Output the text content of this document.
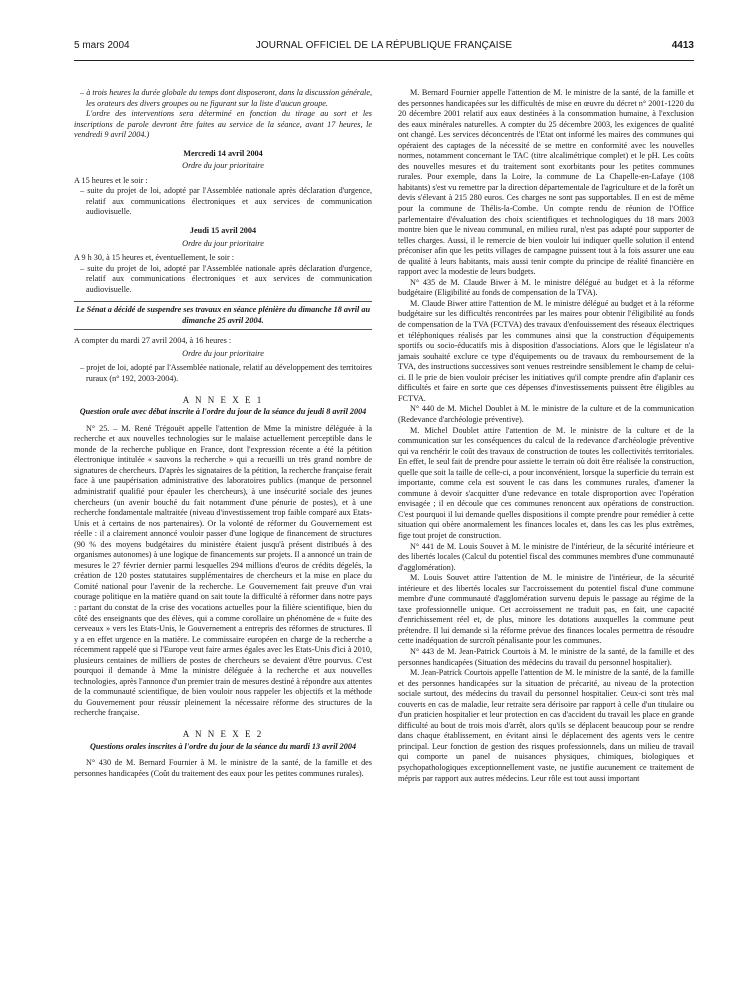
5 mars 2004	JOURNAL OFFICIEL DE LA RÉPUBLIQUE FRANÇAISE	4413

– à trois heures la durée globale du temps dont disposeront, dans la discussion générale, les orateurs des divers groupes ou ne figurant sur la liste d'aucun groupe.

L'ordre des interventions sera déterminé en fonction du tirage au sort et les inscriptions de parole devront être faites au service de la séance, avant 17 heures, le vendredi 9 avril 2004.)

Mercredi 14 avril 2004
Ordre du jour prioritaire

A 15 heures et le soir :

– suite du projet de loi, adopté par l'Assemblée nationale après déclaration d'urgence, relatif aux communications électroniques et aux services de communication audiovisuelle.

Jeudi 15 avril 2004
Ordre du jour prioritaire

A 9 h 30, à 15 heures et, éventuellement, le soir :

– suite du projet de loi, adopté par l'Assemblée nationale après déclaration d'urgence, relatif aux communications électroniques et aux services de communication audiovisuelle.

Le Sénat a décidé de suspendre ses travaux en séance plénière du dimanche 18 avril au dimanche 25 avril 2004.

A compter du mardi 27 avril 2004, à 16 heures :

Ordre du jour prioritaire

– projet de loi, adopté par l'Assemblée nationale, relatif au développement des territoires ruraux (n° 192, 2003-2004).

A N N E X E 1
Question orale avec débat inscrite à l'ordre du jour de la séance du jeudi 8 avril 2004

N° 25. – M. René Trégouët appelle l'attention de Mme la ministre déléguée à la recherche et aux nouvelles technologies sur le malaise actuellement perceptible dans le monde de la recherche publique en France, dont l'expression récente a été la pétition électronique intitulée « sauvons la recherche » qui a recueilli un très grand nombre de signatures de chercheurs. D'après les signataires de la pétition, la recherche française ferait face à une paupérisation administrative des laboratoires publics (manque de personnel administratif qualifié pour épauler les chercheurs), à une insécurité sociale des jeunes chercheurs (un avenir bouché du fait notamment d'une pénurie de postes), et à une recherche fondamentale maltraitée (niveau d'investissement trop faible comparé aux Etats-Unis et à certains de nos partenaires). Or la volonté de réformer du Gouvernement est réelle : il a clairement annoncé vouloir passer d'une logique de financement de structures (90 % des moyens budgétaires du ministère étaient jusqu'à présent distribués à des organismes autonomes) à une logique de financements sur projets. Il a annoncé un train de mesures le 27 février dernier parmi lesquelles 294 millions d'euros de crédits dégelés, la création de 120 postes statutaires supplémentaires de chercheurs et la mise en place du Comité national pour l'avenir de la recherche. Le Gouvernement fait preuve d'un vrai courage politique en la matière quand on sait toute la difficulté à réformer dans notre pays : partant du constat de la crise des vocations actuelles pour la filière scientifique, bien du côté des enseignants que des élèves, qui a comme corollaire un phénomène de « fuite des cerveaux » vers les Etats-Unis, le Gouvernement a entrepris des réformes de structures. Il y a en effet urgence en la matière. Le commissaire européen en charge de la recherche a récemment rappelé que si l'Europe veut faire armes égales avec les Etats-Unis d'ici à 2010, plusieurs centaines de milliers de postes de chercheurs se devaient d'être pourvus. C'est pourquoi il demande à Mme la ministre déléguée à la recherche et aux nouvelles technologies, après l'annonce d'un premier train de mesures destiné à répondre aux attentes de la communauté scientifique, de bien vouloir nous rappeler les objectifs et la méthode du Gouvernement pour réussir pleinement la nécessaire réforme des structures de la recherche française.

A N N E X E 2
Questions orales inscrites à l'ordre du jour de la séance du mardi 13 avril 2004

N° 430 de M. Bernard Fournier à M. le ministre de la santé, de la famille et des personnes handicapées (Coût du traitement des eaux pour les petites communes rurales).

M. Bernard Fournier appelle l'attention de M. le ministre de la santé, de la famille et des personnes handicapées sur les difficultés de mise en œuvre du décret n° 2001-1220 du 20 décembre 2001 relatif aux eaux destinées à la consommation humaine, à l'exclusion des eaux minérales naturelles. A compter du 25 décembre 2003, les exigences de qualité ont changé. Les services déconcentrés de l'Etat ont informé les maires des communes qui opéraient des captages de la nécessité de se mettre en conformité avec les nouvelles normes, notamment concernant le TAC (titre alcalimétrique complet) et le pH. Les coûts des nouvelles mesures et du traitement sont exorbitants pour les petites communes rurales. Pour exemple, dans la Loire, la commune de La Chapelle-en-Lafaye (108 habitants) s'est vu remettre par la direction départementale de l'agriculture et de la forêt un devis s'élevant à 215 280 euros. Ces charges ne sont pas supportables. Il en est de même pour la commune de Thélis-la-Combe. Un compte rendu de réunion de l'Office parlementaire d'évaluation des choix scientifiques et technologiques du 18 mars 2003 montre bien que le niveau communal, en milieu rural, n'est pas adapté pour supporter de telles charges. Aussi, il le remercie de bien vouloir lui indiquer quelle solution il entend préconiser afin que les petits villages de campagne puissent tout à la fois assurer une eau de qualité à leurs habitants, mais aussi tenir compte du principe de réalité financière en rapport avec la modestie de leurs budgets.

N° 435 de M. Claude Biwer à M. le ministre délégué au budget et à la réforme budgétaire (Eligibilité au fonds de compensation de la TVA).

M. Claude Biwer attire l'attention de M. le ministre délégué au budget et à la réforme budgétaire sur les difficultés rencontrées par les maires pour obtenir l'éligibilité au fonds de compensation de la TVA (FCTVA) des travaux d'enfouissement des réseaux électriques et téléphoniques réalisés par les communes ainsi que la construction d'équipements sportifs ou socio-éducatifs mis à disposition d'associations. Alors que le législateur n'a jamais souhaité exclure ce type d'équipements ou de travaux du remboursement de la TVA, des instructions successives sont venues restreindre sensiblement le champ de celui-ci. Il le prie de bien vouloir préciser les initiatives qu'il compte prendre afin d'aplanir ces difficultés et faire en sorte que ces dépenses d'investissements puissent être éligibles au FCTVA.

N° 440 de M. Michel Doublet à M. le ministre de la culture et de la communication (Redevance d'archéologie préventive).

M. Michel Doublet attire l'attention de M. le ministre de la culture et de la communication sur les conséquences du calcul de la redevance d'archéologie préventive qui va renchérir le coût des travaux de construction de toutes les collectivités territoriales. En effet, le seul fait de prendre pour assiette le terrain où doit être réalisée la construction, quelle que soit la taille de celle-ci, a pour inconvénient, lorsque la superficie du terrain est importante, comme cela est souvent le cas dans les communes rurales, d'amener la commune à devoir s'acquitter d'une redevance en totale disproportion avec l'opération envisagée ; il en découle que ces communes renoncent aux opérations de construction. C'est pourquoi il lui demande quelles dispositions il compte prendre pour remédier à cette situation qui obère anormalement les finances locales et, dans les cas les plus extrêmes, fige tout projet de construction.

N° 441 de M. Louis Souvet à M. le ministre de l'intérieur, de la sécurité intérieure et des libertés locales (Calcul du potentiel fiscal des communes membres d'une communauté d'agglomération).

M. Louis Souvet attire l'attention de M. le ministre de l'intérieur, de la sécurité intérieure et des libertés locales sur l'accroissement du potentiel fiscal d'une commune membre d'une communauté d'agglomération survenu depuis le passage au régime de la taxe professionnelle unique. Cet accroissement ne traduit pas, en fait, une capacité d'enrichissement réel et, de plus, minore les dotations auxquelles la commune peut prétendre. Il lui demande si la réforme prévue des finances locales permettra de résoudre cette inadéquation de surcroît pénalisante pour les communes.

N° 443 de M. Jean-Patrick Courtois à M. le ministre de la santé, de la famille et des personnes handicapées (Situation des médecins du travail du personnel hospitalier).

M. Jean-Patrick Courtois appelle l'attention de M. le ministre de la santé, de la famille et des personnes handicapées sur la situation de précarité, au niveau de la protection sociale surtout, des médecins du travail du personnel hospitalier. Ceux-ci sont très mal couverts en cas de maladie, leur retraite sera dérisoire par rapport à celle d'un titulaire ou d'un praticien hospitalier et leur protection en cas d'accident du travail les place en grande difficulté au bout de trois mois d'arrêt, alors qu'ils se déplacent beaucoup pour se rendre dans chaque établissement, en évitant ainsi le déplacement des agents vers le centre principal. Leur fonction de gestion des risques professionnels, dans un milieu de travail qui comporte un panel de nuisances physiques, chimiques, biologiques et psychopathologiques exceptionnellement vaste, ne justifie aucunement ce traitement de mépris par rapport aux autres médecins. Leur rôle est tout aussi important
